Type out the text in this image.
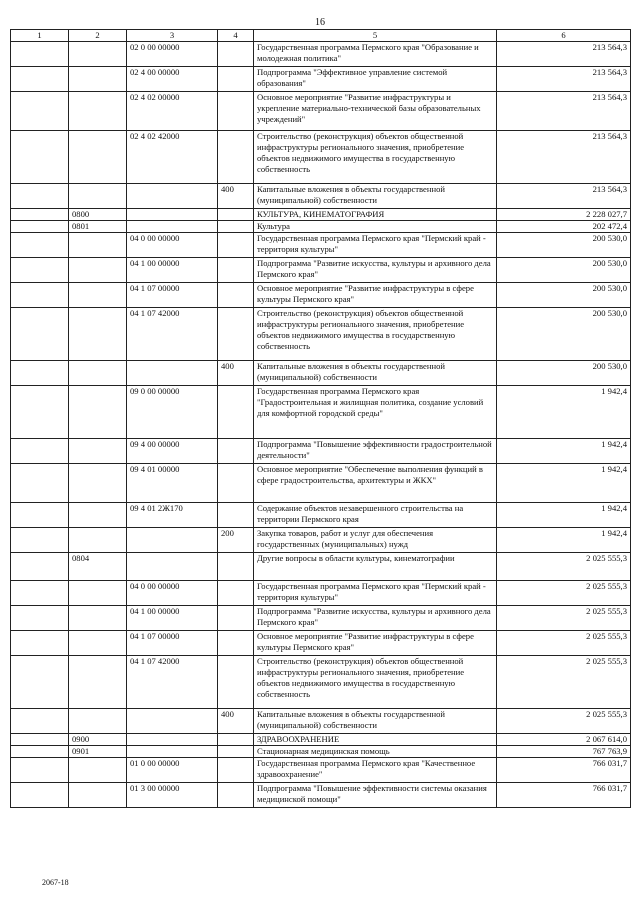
16
1	2	3	4	5	6
		02 0 00 00000		Государственная программа Пермского края "Образование и молодежная политика"	213 564,3
		02 4 00 00000		Подпрограмма "Эффективное управление системой образования"	213 564,3
		02 4 02 00000		Основное мероприятие "Развитие инфраструктуры и укрепление материально-технической базы образовательных учреждений"	213 564,3
		02 4 02 42000		Строительство (реконструкция) объектов общественной инфраструктуры регионального значения, приобретение объектов недвижимого имущества в государственную собственность	213 564,3
			400	Капитальные вложения в объекты государственной (муниципальной) собственности	213 564,3
	0800			КУЛЬТУРА, КИНЕМАТОГРАФИЯ	2 228 027,7
	0801			Культура	202 472,4
		04 0 00 00000		Государственная программа Пермского края "Пермский край - территория культуры"	200 530,0
		04 1 00 00000		Подпрограмма "Развитие искусства, культуры и архивного дела Пермского края"	200 530,0
		04 1 07 00000		Основное мероприятие "Развитие инфраструктуры в сфере культуры Пермского края"	200 530,0
		04 1 07 42000		Строительство (реконструкция) объектов общественной инфраструктуры регионального значения, приобретение объектов недвижимого имущества в государственную собственность	200 530,0
			400	Капитальные вложения в объекты государственной (муниципальной) собственности	200 530,0
		09 0 00 00000		Государственная программа Пермского края "Градостроительная и жилищная политика, создание условий для комфортной городской среды"	1 942,4
		09 4 00 00000		Подпрограмма "Повышение эффективности градостроительной деятельности"	1 942,4
		09 4 01 00000		Основное мероприятие "Обеспечение выполнения функций в сфере градостроительства, архитектуры и ЖКХ"	1 942,4
		09 4 01 2Ж170		Содержание объектов незавершенного строительства на территории Пермского края	1 942,4
			200	Закупка товаров, работ и услуг для обеспечения государственных (муниципальных) нужд	1 942,4
	0804			Другие вопросы в области культуры, кинематографии	2 025 555,3
		04 0 00 00000		Государственная программа Пермского края "Пермский край - территория культуры"	2 025 555,3
		04 1 00 00000		Подпрограмма "Развитие искусства, культуры и архивного дела Пермского края"	2 025 555,3
		04 1 07 00000		Основное мероприятие "Развитие инфраструктуры в сфере культуры Пермского края"	2 025 555,3
		04 1 07 42000		Строительство (реконструкция) объектов общественной инфраструктуры регионального значения, приобретение объектов недвижимого имущества в государственную собственность	2 025 555,3
			400	Капитальные вложения в объекты государственной (муниципальной) собственности	2 025 555,3
	0900			ЗДРАВООХРАНЕНИЕ	2 067 614,0
	0901			Стационарная медицинская помощь	767 763,9
		01 0 00 00000		Государственная программа Пермского края "Качественное здравоохранение"	766 031,7
		01 3 00 00000		Подпрограмма "Повышение эффективности системы оказания медицинской помощи"	766 031,7
2067-18
